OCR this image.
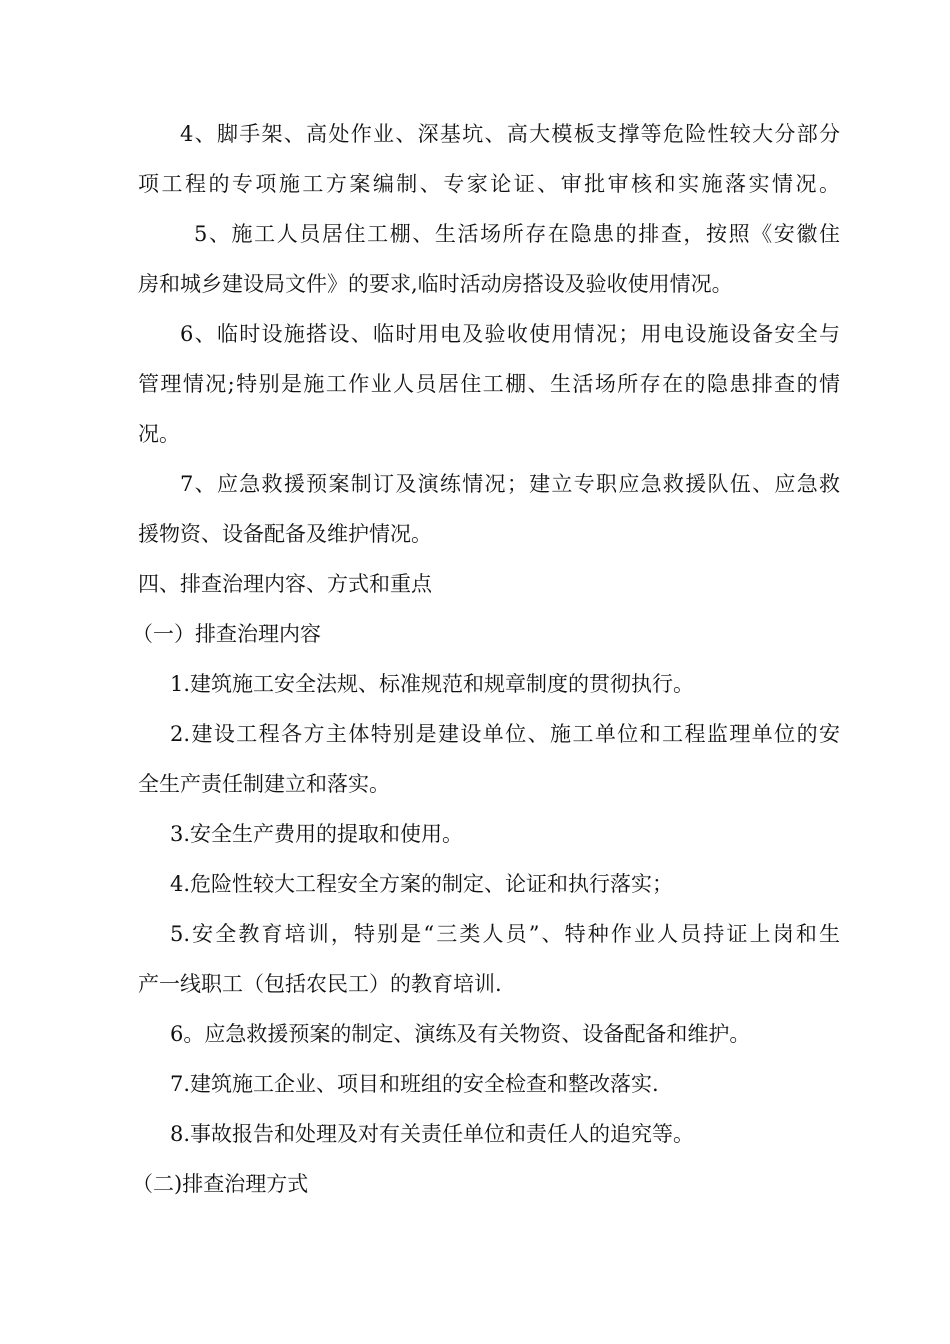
4、脚手架、高处作业、深基坑、高大模板支撑等危险性较大分部分
项工程的专项施工方案编制、专家论证、审批审核和实施落实情况。
5、施工人员居住工棚、生活场所存在隐患的排查，按照《安徽住
房和城乡建设局文件》的要求,临时活动房搭设及验收使用情况。
6、临时设施搭设、临时用电及验收使用情况；用电设施设备安全与
管理情况;特别是施工作业人员居住工棚、生活场所存在的隐患排查的情
况。
7、应急救援预案制订及演练情况；建立专职应急救援队伍、应急救
援物资、设备配备及维护情况。
四、排查治理内容、方式和重点
（一）排查治理内容
1.建筑施工安全法规、标准规范和规章制度的贯彻执行。
2.建设工程各方主体特别是建设单位、施工单位和工程监理单位的安
全生产责任制建立和落实。
3.安全生产费用的提取和使用。
4.危险性较大工程安全方案的制定、论证和执行落实；
5.安全教育培训，特别是“三类人员”、特种作业人员持证上岗和生
产一线职工（包括农民工）的教育培训.
6。应急救援预案的制定、演练及有关物资、设备配备和维护。
7.建筑施工企业、项目和班组的安全检查和整改落实.
8.事故报告和处理及对有关责任单位和责任人的追究等。
（二)排查治理方式
